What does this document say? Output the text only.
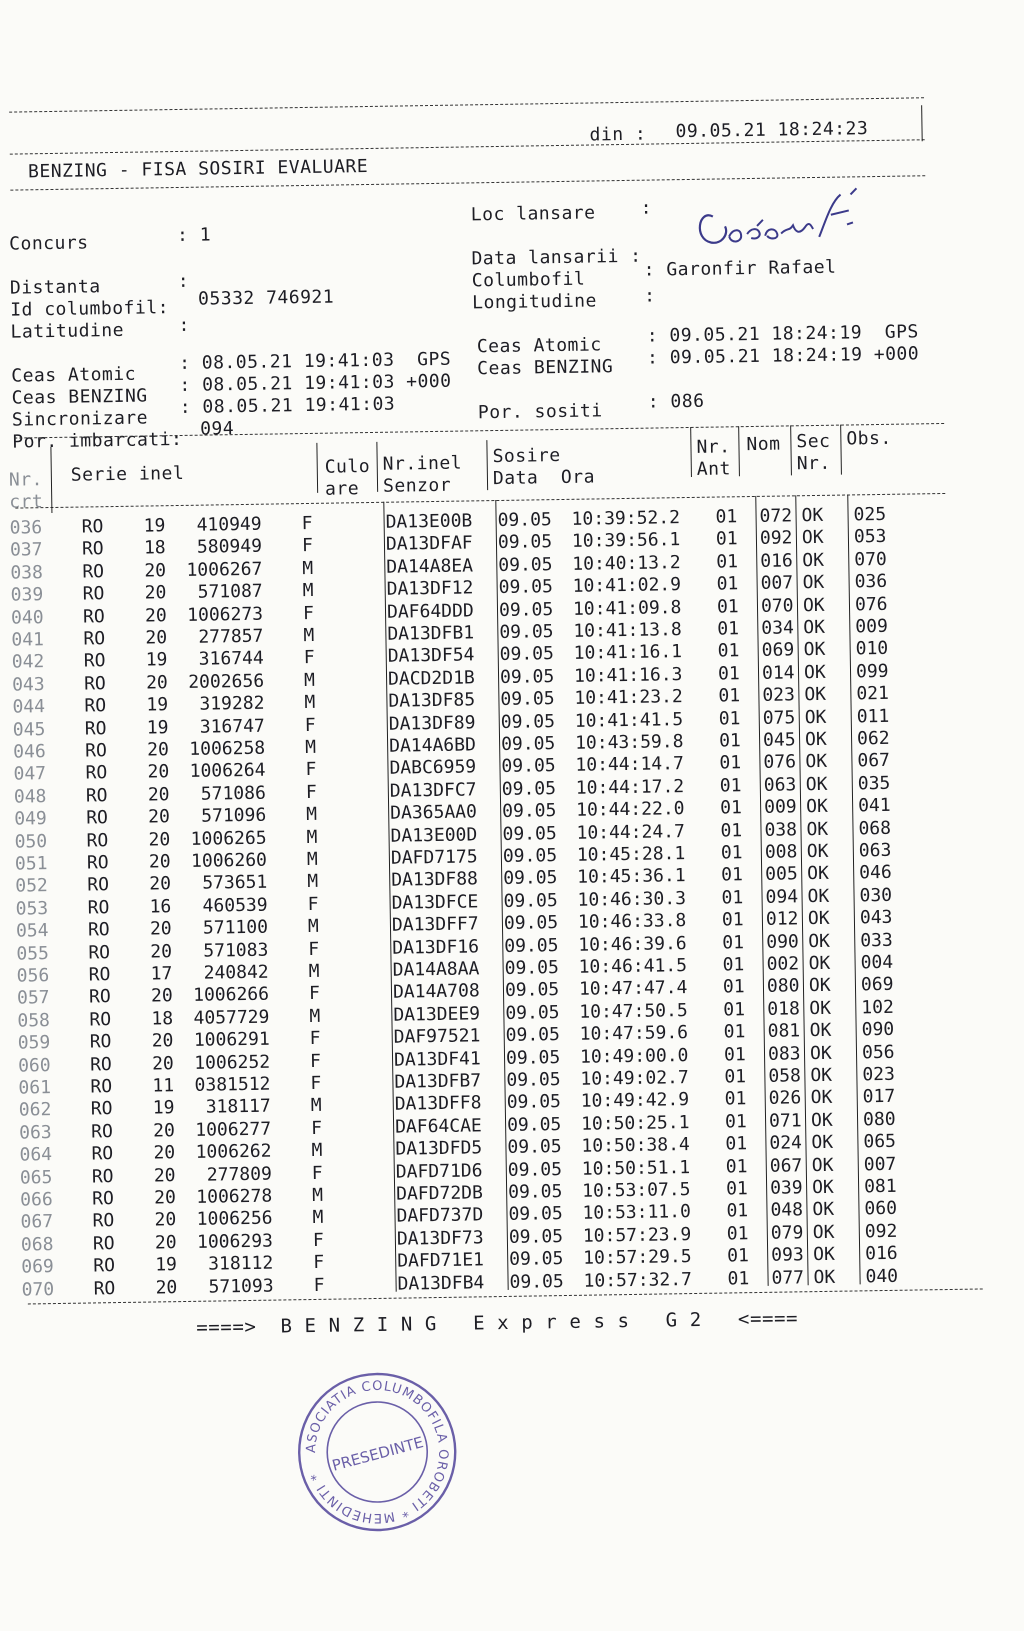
BENZING - FISA SOSIRI EVALUARE
din : 09.05.21 18:24:23
Concurs	: 1
Distanta	:
Id columbofil: 05332 746921
Latitudine	:
Ceas Atomic
: 08.05.21 19:41:03  GPS
Ceas BENZING
: 08.05.21 19:41:03 +000
Sincronizare
: 08.05.21 19:41:03
Por. imbarcati:
094
Loc lansare :
Data lansarii :
Columbofil	: Garonfir Rafael
Longitudine	:
Ceas Atomic : 09.05.21 18:24:19  GPS
Ceas BENZING : 09.05.21 18:24:19 +000
Por. sositi : 086
Nr.
crt
Serie inel	Culo
are
Nr.inel
Senzor
Sosire
Data  Ora
Nr.
Ant
Nom Sec
Nr.
Obs.
036 RO 19 410949 F	DA13E00B 09.05 10:39:52.2 01 072 OK 025
037 RO 18 580949 F	DA13DFAF 09.05 10:39:56.1 01 092 OK 053
038 RO 20 1006267 M	DA14A8EA 09.05 10:40:13.2 01 016 OK 070
039 RO 20 571087 M	DA13DF12 09.05 10:41:02.9 01 007 OK 036
040 RO 20 1006273 F	DAF64DDD 09.05 10:41:09.8 01 070 OK 076
041 RO 20 277857 M	DA13DFB1 09.05 10:41:13.8 01 034 OK 009
042 RO 19 316744 F	DA13DF54 09.05 10:41:16.1 01 069 OK 010
043 RO 20 2002656 M	DACD2D1B 09.05 10:41:16.3 01 014 OK 099
044 RO 19 319282 M	DA13DF85 09.05 10:41:23.2 01 023 OK 021
045 RO 19 316747 F	DA13DF89 09.05 10:41:41.5 01 075 OK 011
046 RO 20 1006258 M	DA14A6BD 09.05 10:43:59.8 01 045 OK 062
047 RO 20 1006264 F	DABC6959 09.05 10:44:14.7 01 076 OK 067
048 RO 20 571086 F	DA13DFC7 09.05 10:44:17.2 01 063 OK 035
049 RO 20 571096 M	DA365AA0 09.05 10:44:22.0 01 009 OK 041
050 RO 20 1006265 M	DA13E00D 09.05 10:44:24.7 01 038 OK 068
051 RO 20 1006260 M	DAFD7175 09.05 10:45:28.1 01 008 OK 063
052 RO 20 573651 M	DA13DF88 09.05 10:45:36.1 01 005 OK 046
053 RO 16 460539 F	DA13DFCE 09.05 10:46:30.3 01 094 OK 030
054 RO 20 571100 M	DA13DFF7 09.05 10:46:33.8 01 012 OK 043
055 RO 20 571083 F	DA13DF16 09.05 10:46:39.6 01 090 OK 033
056 RO 17 240842 M	DA14A8AA 09.05 10:46:41.5 01 002 OK 004
057 RO 20 1006266 F	DA14A708 09.05 10:47:47.4 01 080 OK 069
058 RO 18 4057729 M	DA13DEE9 09.05 10:47:50.5 01 018 OK 102
059 RO 20 1006291 F	DAF97521 09.05 10:47:59.6 01 081 OK 090
060 RO 20 1006252 F	DA13DF41 09.05 10:49:00.0 01 083 OK 056
061 RO 11 0381512 F	DA13DFB7 09.05 10:49:02.7 01 058 OK 023
062 RO 19 318117 M	DA13DFF8 09.05 10:49:42.9 01 026 OK 017
063 RO 20 1006277 F	DAF64CAE 09.05 10:50:25.1 01 071 OK 080
064 RO 20 1006262 M	DA13DFD5 09.05 10:50:38.4 01 024 OK 065
065 RO 20 277809 F	DAFD71D6 09.05 10:50:51.1 01 067 OK 007
066 RO 20 1006278 M	DAFD72DB 09.05 10:53:07.5 01 039 OK 081
067 RO 20 1006256 M	DAFD737D 09.05 10:53:11.0 01 048 OK 060
068 RO 20 1006293 F	DA13DF73 09.05 10:57:23.9 01 079 OK 092
069 RO 19 318112 F	DAFD71E1 09.05 10:57:29.5 01 093 OK 016
070 RO 20 571093 F	DA13DFB4 09.05 10:57:32.7 01 077 OK 040
====>  B E N Z I N G   E x p r e s s   G 2   <====
ASOCIATIA COLUMBOFILA OROBETI * MEHEDINTI *
PRESEDINTE
